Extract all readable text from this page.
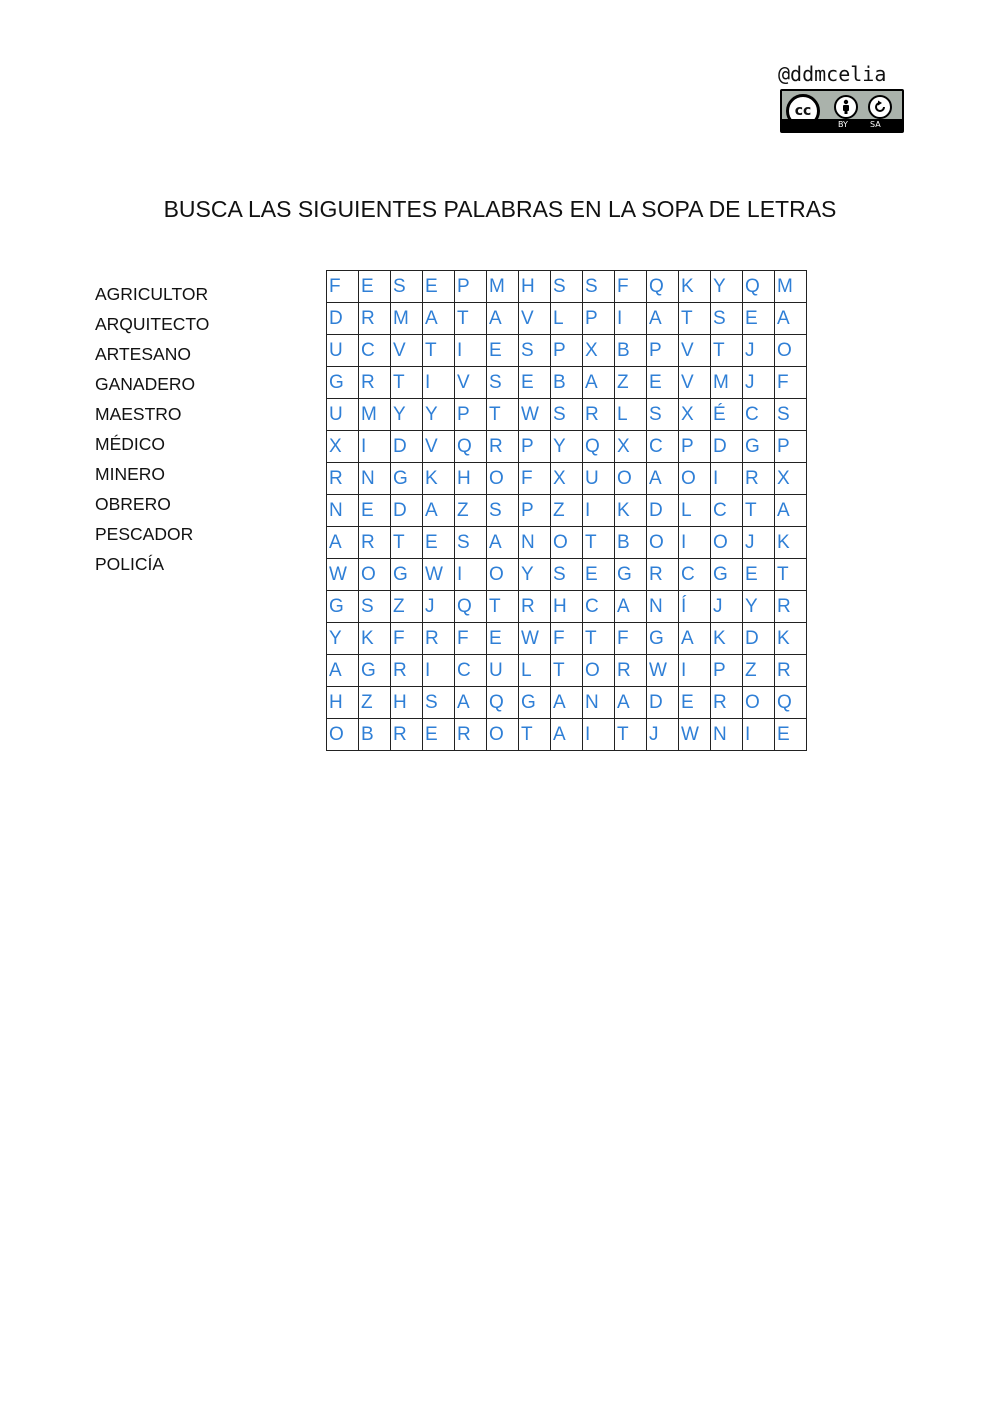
@ddmcelia
cc
BY	SA
BUSCA LAS SIGUIENTES PALABRAS EN LA SOPA DE LETRAS
AGRICULTOR
ARQUITECTO
ARTESANO
GANADERO
MAESTRO
MÉDICO
MINERO
OBRERO
PESCADOR
POLICÍA
F	E	S	E	P	M	H	S	S	F	Q	K	Y	Q	M
D	R	M	A	T	A	V	L	P	I	A	T	S	E	A
U	C	V	T	I	E	S	P	X	B	P	V	T	J	O
G	R	T	I	V	S	E	B	A	Z	E	V	M	J	F
U	M	Y	Y	P	T	W	S	R	L	S	X	É	C	S
X	I	D	V	Q	R	P	Y	Q	X	C	P	D	G	P
R	N	G	K	H	O	F	X	U	O	A	O	I	R	X
N	E	D	A	Z	S	P	Z	I	K	D	L	C	T	A
A	R	T	E	S	A	N	O	T	B	O	I	O	J	K
W	O	G	W	I	O	Y	S	E	G	R	C	G	E	T
G	S	Z	J	Q	T	R	H	C	A	N	Í	J	Y	R
Y	K	F	R	F	E	W	F	T	F	G	A	K	D	K
A	G	R	I	C	U	L	T	O	R	W	I	P	Z	R
H	Z	H	S	A	Q	G	A	N	A	D	E	R	O	Q
O	B	R	E	R	O	T	A	I	T	J	W	N	I	E
